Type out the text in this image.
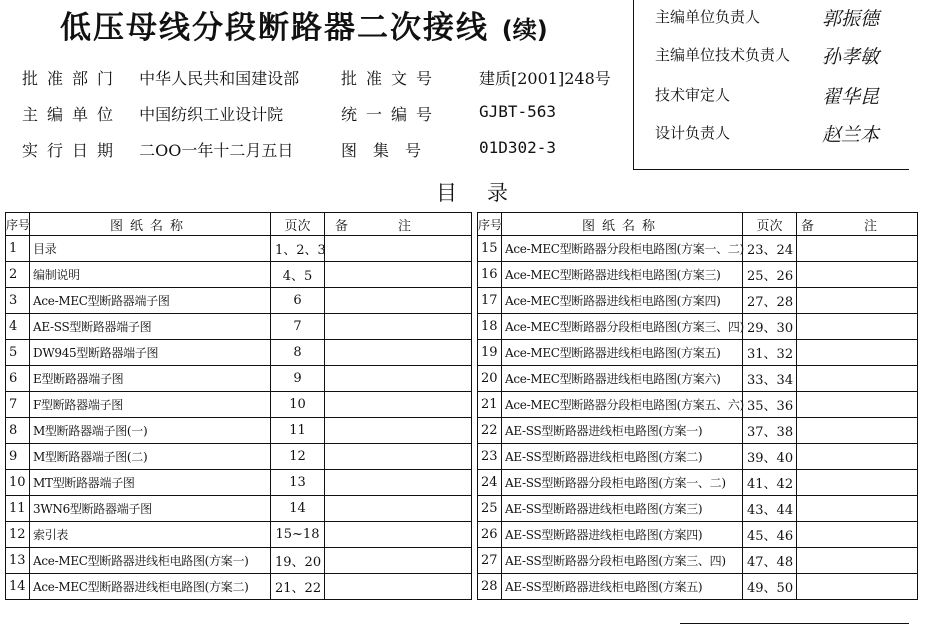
低压母线分段断路器二次接线 (续)
批准部门 中华人民共和国建设部
主编单位 中国纺织工业设计院
实行日期 二OO一年十二月五日
批准文号 建质[2001]248号
统一编号 GJBT-563
图集号	01D302-3
主编单位负责人	郭振德
主编单位技术负责人 孙孝敏
技术审定人	翟华昆
设计负责人	赵兰本
目录
序号	图纸名称	页次	备注
1	目录	1、2、3	
2	编制说明	4、5	
3	Ace-MEC型断路器端子图	6	
4	AE-SS型断路器端子图	7	
5	DW945型断路器端子图	8	
6	E型断路器端子图	9	
7	F型断路器端子图	10	
8	M型断路器端子图(一)	11	
9	M型断路器端子图(二)	12	
10	MT型断路器端子图	13	
11	3WN6型断路器端子图	14	
12	索引表	15~18	
13	Ace-MEC型断路器进线柜电路图(方案一)	19、20	
14	Ace-MEC型断路器进线柜电路图(方案二)	21、22	
序号	图纸名称	页次	备注
15	Ace-MEC型断路器分段柜电路图(方案一、二)	23、24	
16	Ace-MEC型断路器进线柜电路图(方案三)	25、26	
17	Ace-MEC型断路器进线柜电路图(方案四)	27、28	
18	Ace-MEC型断路器分段柜电路图(方案三、四)	29、30	
19	Ace-MEC型断路器进线柜电路图(方案五)	31、32	
20	Ace-MEC型断路器进线柜电路图(方案六)	33、34	
21	Ace-MEC型断路器分段柜电路图(方案五、六)	35、36	
22	AE-SS型断路器进线柜电路图(方案一)	37、38	
23	AE-SS型断路器进线柜电路图(方案二)	39、40	
24	AE-SS型断路器分段柜电路图(方案一、二)	41、42	
25	AE-SS型断路器进线柜电路图(方案三)	43、44	
26	AE-SS型断路器进线柜电路图(方案四)	45、46	
27	AE-SS型断路器分段柜电路图(方案三、四)	47、48	
28	AE-SS型断路器进线柜电路图(方案五)	49、50	
